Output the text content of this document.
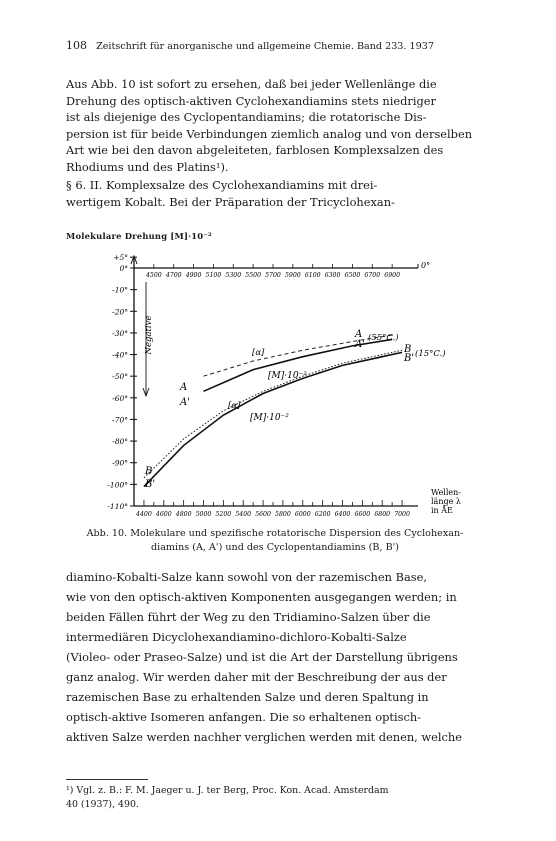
108 Zeitschrift für anorganische und allgemeine Chemie. Band 233. 1937
Aus Abb. 10 ist sofort zu ersehen, daß bei jeder Wellenlänge die
Drehung des optisch-aktiven Cyclohexandiamins stets niedriger
ist als diejenige des Cyclopentandiamins; die rotatorische Dis-
persion ist für beide Verbindungen ziemlich analog und von derselben
Art wie bei den davon abgeleiteten, farblosen Komplexsalzen des
Rhodiums und des Platins¹).
§ 6. II. Komplexsalze des Cyclohexandiamins mit drei-
wertigem Kobalt. Bei der Präparation der Tricyclohexan-
Molekulare Drehung [M]·10⁻²
+5°
0°
-10°
-20°
-30°
-40°
-50°
-60°
-70°
-80°
-90°
-100°
-110°
4500 4700 4900 5100 5300 5500 5700 5900 6100 6300 6500 6700 6900
4400 4600 4800 5000 5200 5400 5600 5800 6000 6200 6400 6600 6800 7000
Negative
0°
Wellen-
länge λ
in ÅE
A
A'
(55°C.)
B
B' (15°C.)
A
A'
B
B'
[α]
[M]·10⁻²
[α]
[M]·10⁻²
Abb. 10. Molekulare und spezifische rotatorische Dispersion des Cyclohexan-
diamins (A, A') und des Cyclopentandiamins (B, B')
diamino-Kobalti-Salze kann sowohl von der razemischen Base,
wie von den optisch-aktiven Komponenten ausgegangen werden; in
beiden Fällen führt der Weg zu den Tridiamino-Salzen über die
intermediären Dicyclohexandiamino-dichloro-Kobalti-Salze
(Violeo- oder Praseo-Salze) und ist die Art der Darstellung übrigens
ganz analog. Wir werden daher mit der Beschreibung der aus der
razemischen Base zu erhaltenden Salze und deren Spaltung in
optisch-aktive Isomeren anfangen. Die so erhaltenen optisch-
aktiven Salze werden nachher verglichen werden mit denen, welche
¹) Vgl. z. B.: F. M. Jaeger u. J. ter Berg, Proc. Kon. Acad. Amsterdam
40 (1937), 490.
